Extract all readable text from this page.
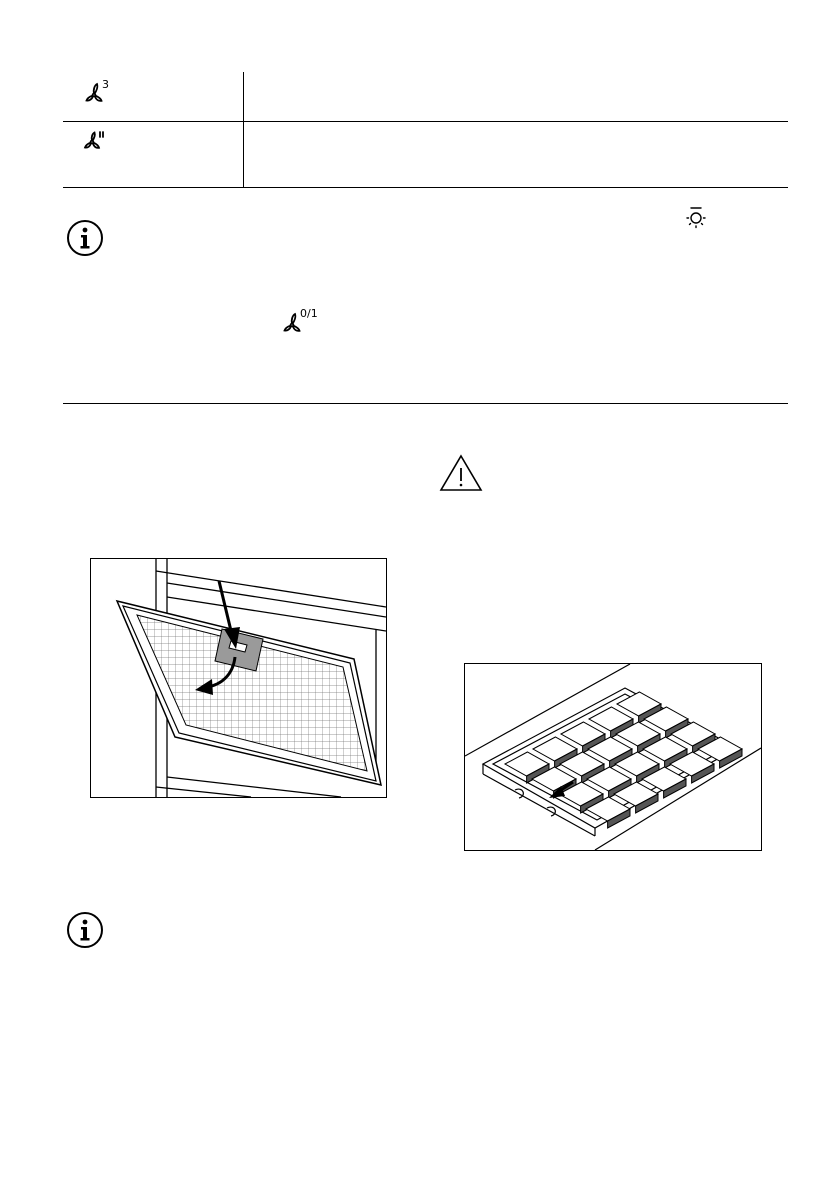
3
0/1
